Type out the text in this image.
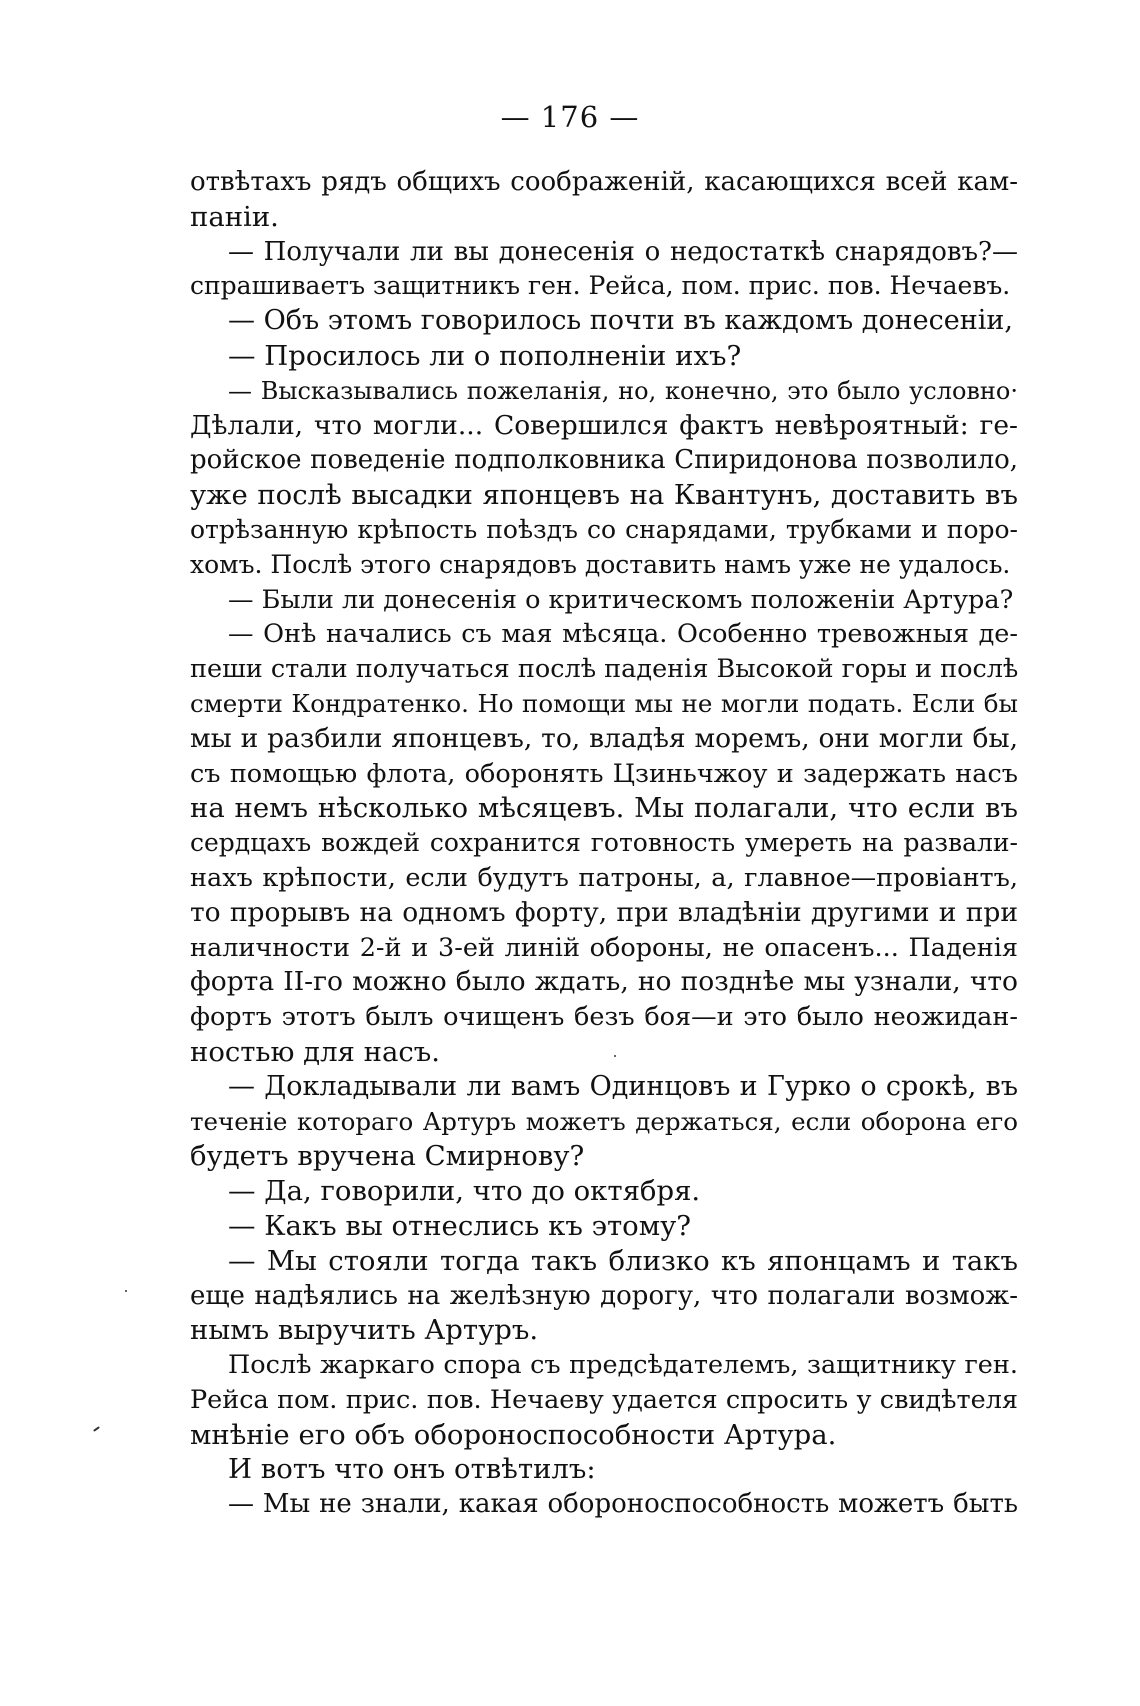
— 176 —
отвѣтахъ рядъ общихъ соображеній, касающихся всей кам-
паніи.
— Получали ли вы донесенія о недостаткѣ снарядовъ?—
спрашиваетъ защитникъ ген. Рейса, пом. прис. пов. Нечаевъ.
— Объ этомъ говорилось почти въ каждомъ донесеніи,
— Просилось ли о пополненіи ихъ?
— Высказывались пожеланія, но, конечно, это было условно·
Дѣлали, что могли... Совершился фактъ невѣроятный: ге-
ройское поведеніе подполковника Спиридонова позволило,
уже послѣ высадки японцевъ на Квантунъ, доставить въ
отрѣзанную крѣпость поѣздъ со снарядами, трубками и поро-
хомъ. Послѣ этого снарядовъ доставить намъ уже не удалось.
— Были ли донесенія о критическомъ положеніи Артура?
— Онѣ начались съ мая мѣсяца. Особенно тревожныя де-
пеши стали получаться послѣ паденія Высокой горы и послѣ
смерти Кондратенко. Но помощи мы не могли подать. Если бы
мы и разбили японцевъ, то, владѣя моремъ, они могли бы,
съ помощью флота, оборонять Цзиньчжоу и задержать насъ
на немъ нѣсколько мѣсяцевъ. Мы полагали, что если въ
сердцахъ вождей сохранится готовность умереть на развали-
нахъ крѣпости, если будутъ патроны, а, главное—провіантъ,
то прорывъ на одномъ форту, при владѣніи другими и при
наличности 2-й и 3-ей линій обороны, не опасенъ... Паденія
форта II-го можно было ждать, но позднѣе мы узнали, что
фортъ этотъ былъ очищенъ безъ боя—и это было неожидан-
ностью для насъ.
— Докладывали ли вамъ Одинцовъ и Гурко о срокѣ, въ
теченіе котораго Артуръ можетъ держаться, если оборона его
будетъ вручена Смирнову?
— Да, говорили, что до октября.
— Какъ вы отнеслись къ этому?
— Мы стояли тогда такъ близко къ японцамъ и такъ
еще надѣялись на желѣзную дорогу, что полагали возмож-
нымъ выручить Артуръ.
Послѣ жаркаго спора съ предсѣдателемъ, защитнику ген.
Рейса пом. прис. пов. Нечаеву удается спросить у свидѣтеля
мнѣніе его объ обороноспособности Артура.
И вотъ что онъ отвѣтилъ:
— Мы не знали, какая обороноспособность можетъ быть
